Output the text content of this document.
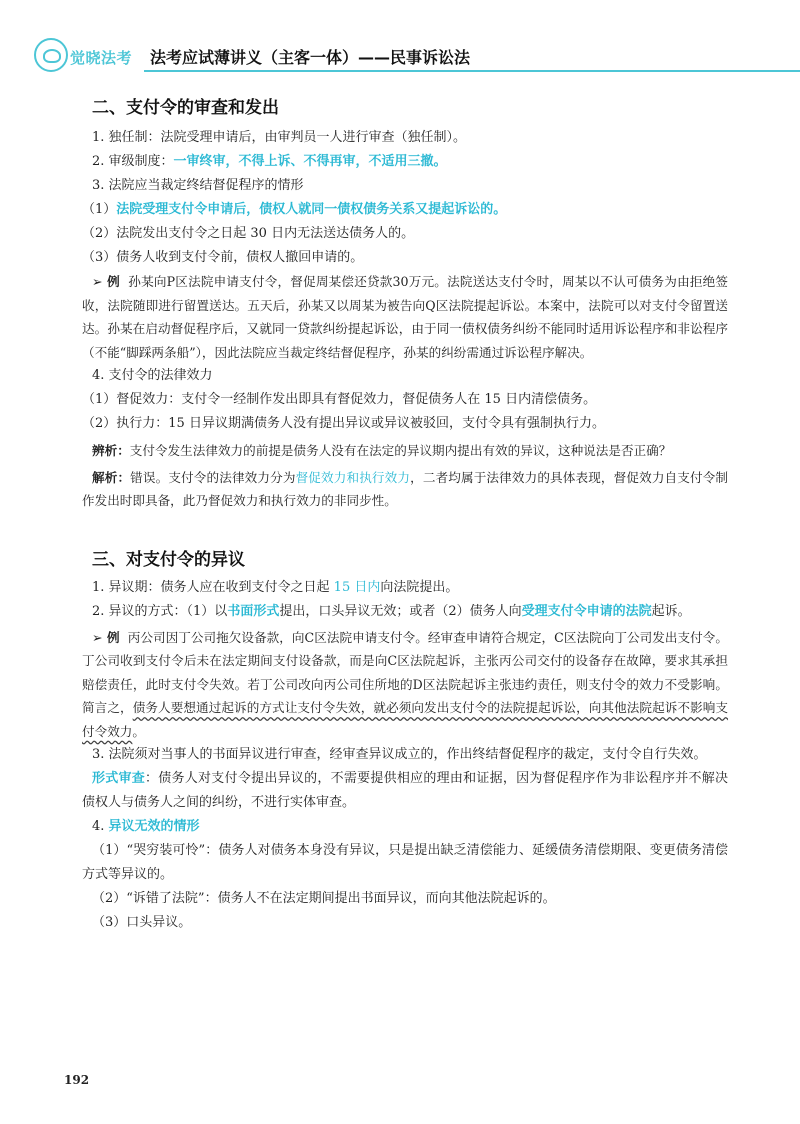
觉晓法考 法考应试薄讲义（主客一体）——民事诉讼法

二、支付令的审查和发出

1. 独任制：法院受理申请后，由审判员一人进行审查（独任制）。

2. 审级制度：一审终审，不得上诉、不得再审，不适用三撤。

3. 法院应当裁定终结督促程序的情形

（1）法院受理支付令申请后，债权人就同一债权债务关系又提起诉讼的。

（2）法院发出支付令之日起 30 日内无法送达债务人的。

（3）债务人收到支付令前，债权人撤回申请的。

➢ 例 孙某向P区法院申请支付令，督促周某偿还贷款30万元。法院送达支付令时，周某以不认可债务为由拒绝签收，法院随即进行留置送达。五天后，孙某又以周某为被告向Q区法院提起诉讼。本案中，法院可以对支付令留置送达。孙某在启动督促程序后，又就同一贷款纠纷提起诉讼，由于同一债权债务纠纷不能同时适用诉讼程序和非讼程序（不能“脚踩两条船”），因此法院应当裁定终结督促程序，孙某的纠纷需通过诉讼程序解决。

4. 支付令的法律效力

（1）督促效力：支付令一经制作发出即具有督促效力，督促债务人在 15 日内清偿债务。

（2）执行力：15 日异议期满债务人没有提出异议或异议被驳回，支付令具有强制执行力。

辨析：支付令发生法律效力的前提是债务人没有在法定的异议期内提出有效的异议，这种说法是否正确？

解析：错误。支付令的法律效力分为督促效力和执行效力，二者均属于法律效力的具体表现，督促效力自支付令制作发出时即具备，此乃督促效力和执行效力的非同步性。

三、对支付令的异议

1. 异议期：债务人应在收到支付令之日起 15 日内向法院提出。

2. 异议的方式：（1）以书面形式提出，口头异议无效；或者（2）债务人向受理支付令申请的法院起诉。

➢ 例 丙公司因丁公司拖欠设备款，向C区法院申请支付令。经审查申请符合规定，C区法院向丁公司发出支付令。丁公司收到支付令后未在法定期间支付设备款，而是向C区法院起诉，主张丙公司交付的设备存在故障，要求其承担赔偿责任，此时支付令失效。若丁公司改向丙公司住所地的D区法院起诉主张违约责任，则支付令的效力不受影响。简言之，债务人要想通过起诉的方式让支付令失效，就必须向发出支付令的法院提起诉讼，向其他法院起诉不影响支付令效力。

3. 法院须对当事人的书面异议进行审查，经审查异议成立的，作出终结督促程序的裁定，支付令自行失效。

形式审查：债务人对支付令提出异议的，不需要提供相应的理由和证据，因为督促程序作为非讼程序并不解决债权人与债务人之间的纠纷，不进行实体审查。

4. 异议无效的情形

（1）“哭穷装可怜”：债务人对债务本身没有异议，只是提出缺乏清偿能力、延缓债务清偿期限、变更债务清偿方式等异议的。

（2）“诉错了法院”：债务人不在法定期间提出书面异议，而向其他法院起诉的。

（3）口头异议。

192
